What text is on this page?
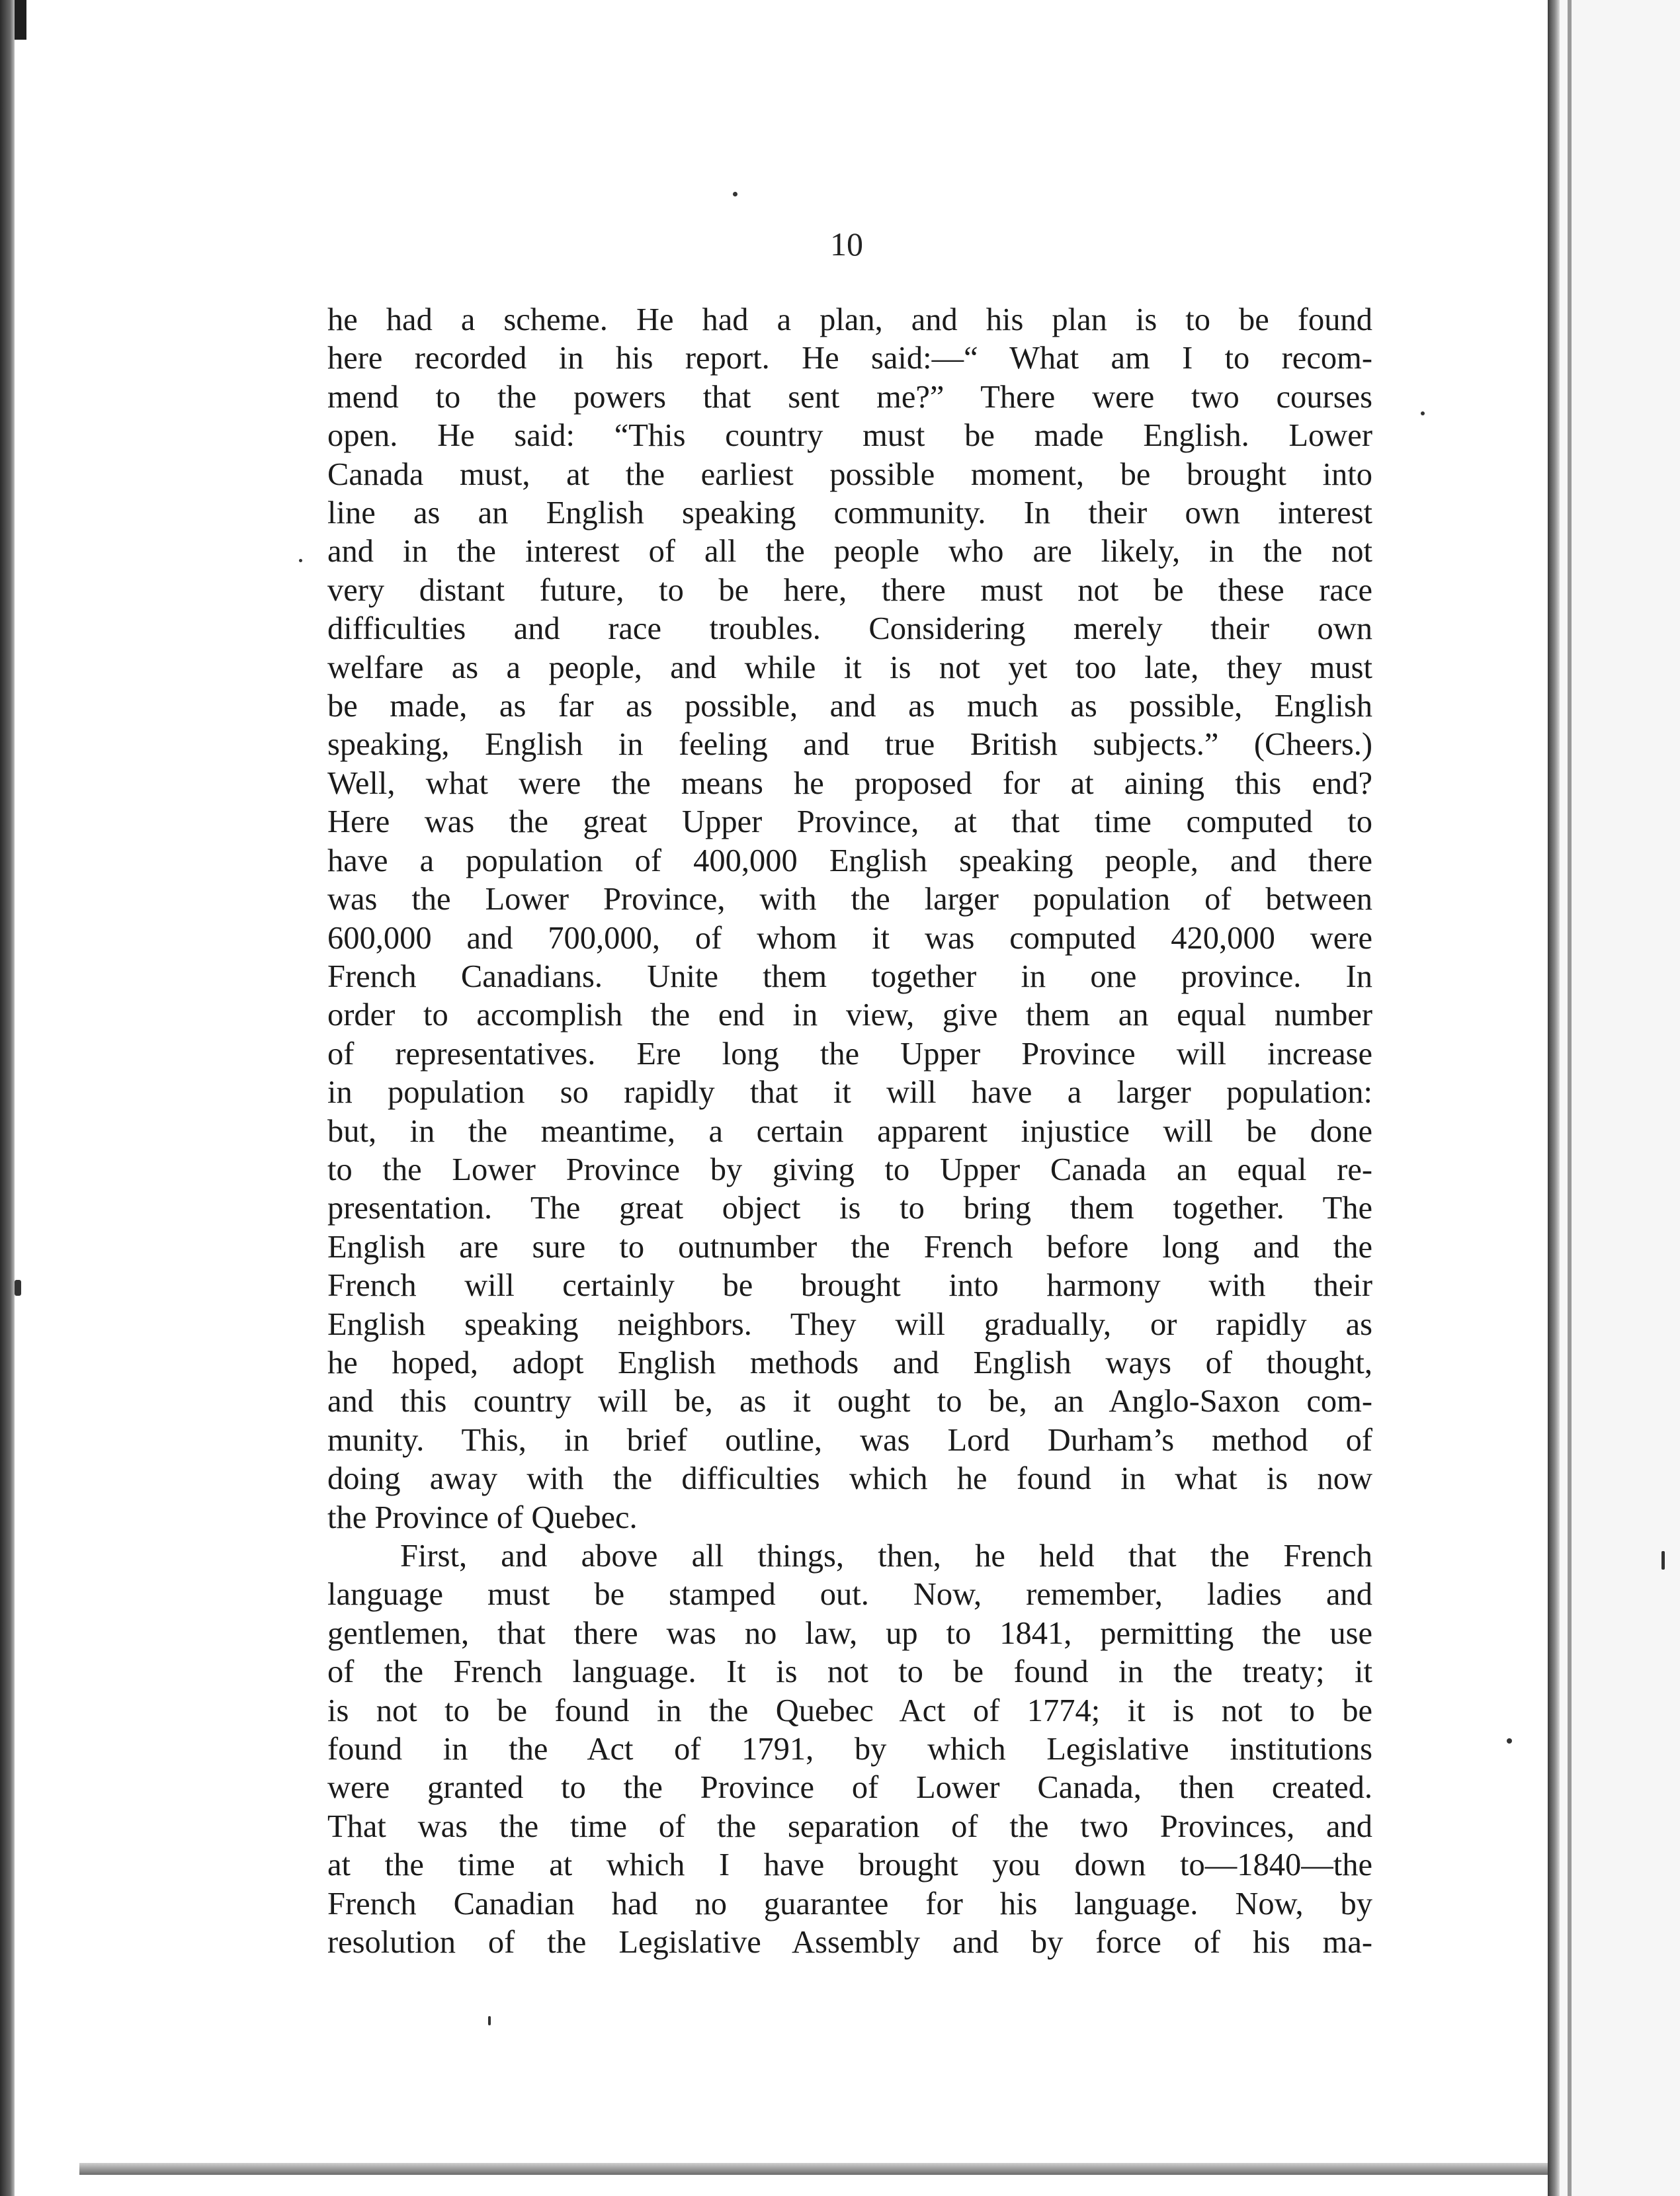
10
he had a scheme. He had a plan, and his plan is to be found
here recorded in his report. He said:—“ What am I to recom-
mend to the powers that sent me?” There were two courses
open. He said: “This country must be made English. Lower
Canada must, at the earliest possible moment, be brought into
line as an English speaking community. In their own interest
and in the interest of all the people who are likely, in the not
very distant future, to be here, there must not be these race
difficulties and race troubles. Considering merely their own
welfare as a people, and while it is not yet too late, they must
be made, as far as possible, and as much as possible, English
speaking, English in feeling and true British subjects.” (Cheers.)
Well, what were the means he proposed for at aining this end?
Here was the great Upper Province, at that time computed to
have a population of 400,000 English speaking people, and there
was the Lower Province, with the larger population of between
600,000 and 700,000, of whom it was computed 420,000 were
French Canadians. Unite them together in one province. In
order to accomplish the end in view, give them an equal number
of representatives. Ere long the Upper Province will increase
in population so rapidly that it will have a larger population:
but, in the meantime, a certain apparent injustice will be done
to the Lower Province by giving to Upper Canada an equal re-
presentation. The great object is to bring them together. The
English are sure to outnumber the French before long and the
French will certainly be brought into harmony with their
English speaking neighbors. They will gradually, or rapidly as
he hoped, adopt English methods and English ways of thought,
and this country will be, as it ought to be, an Anglo-Saxon com-
munity. This, in brief outline, was Lord Durham’s method of
doing away with the difficulties which he found in what is now
the Province of Quebec.
First, and above all things, then, he held that the French
language must be stamped out. Now, remember, ladies and
gentlemen, that there was no law, up to 1841, permitting the use
of the French language. It is not to be found in the treaty; it
is not to be found in the Quebec Act of 1774; it is not to be
found in the Act of 1791, by which Legislative institutions
were granted to the Province of Lower Canada, then created.
That was the time of the separation of the two Provinces, and
at the time at which I have brought you down to—1840—the
French Canadian had no guarantee for his language. Now, by
resolution of the Legislative Assembly and by force of his ma-
